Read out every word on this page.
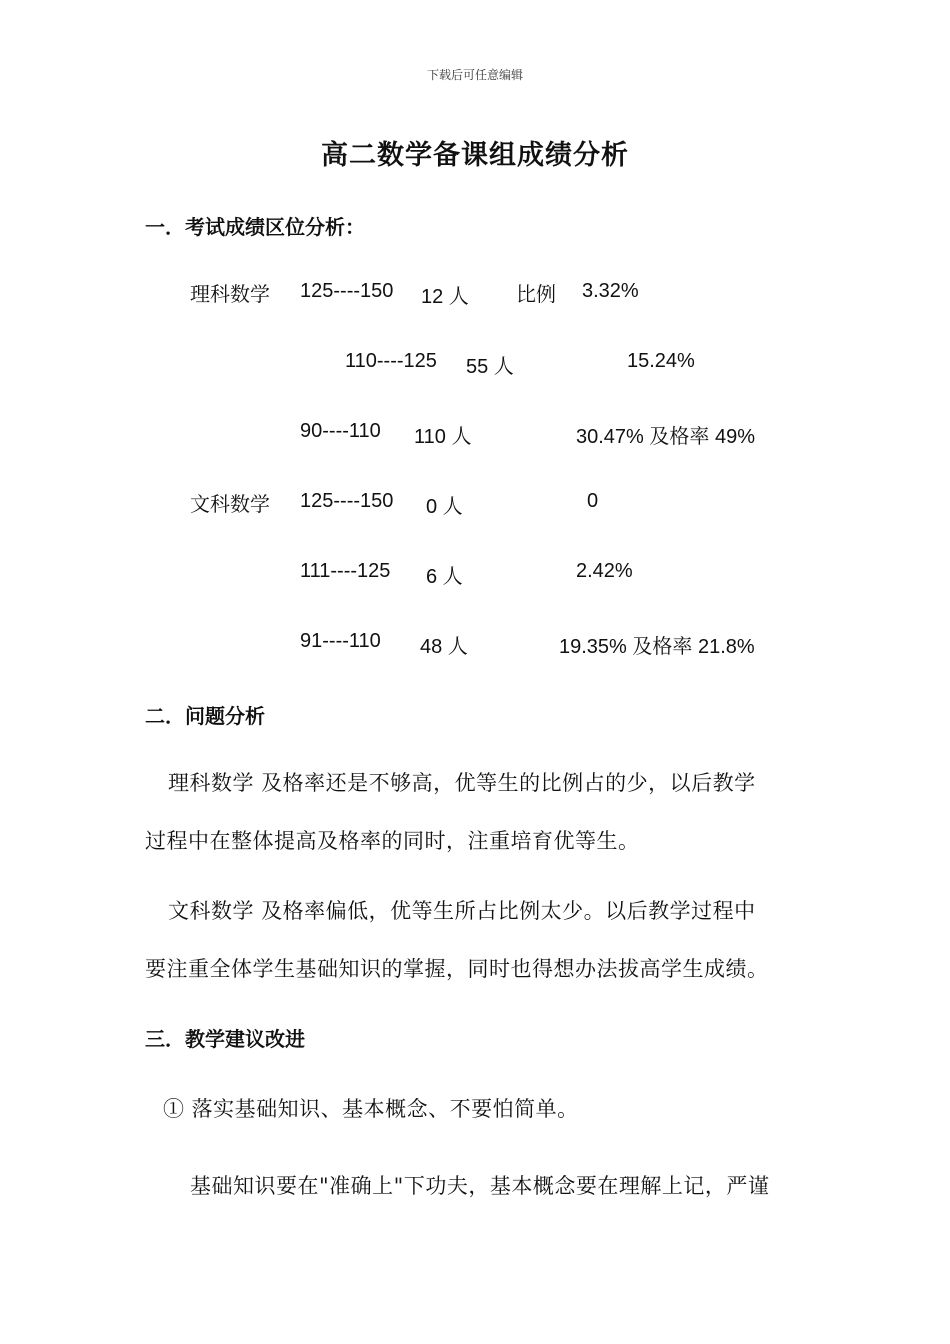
下载后可任意编辑
高二数学备课组成绩分析
一．考试成绩区位分析：
理科数学 125----150 12 人 比例 3.32%
110----125 55 人	15.24%
90----110 110 人	30.47% 及格率 49%
文科数学 125----150 0 人	0
111----125 6 人	2.42%
91----110 48 人	19.35% 及格率 21.8%
二．问题分析
理科数学 及格率还是不够高，优等生的比例占的少，以后教学
过程中在整体提高及格率的同时，注重培育优等生。
文科数学 及格率偏低，优等生所占比例太少。以后教学过程中
要注重全体学生基础知识的掌握，同时也得想办法拔高学生成绩。
三．教学建议改进
① 落实基础知识、基本概念、不要怕简单。
基础知识要在"准确上"下功夫，基本概念要在理解上记，严谨
